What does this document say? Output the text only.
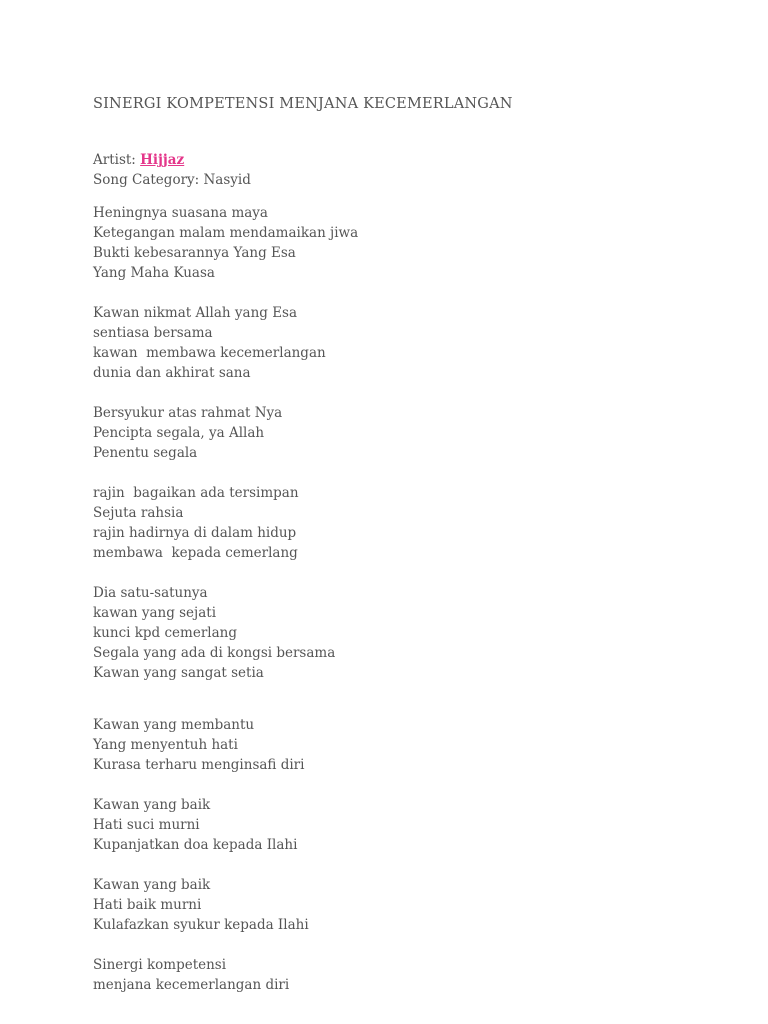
SINERGI KOMPETENSI MENJANA KECEMERLANGAN
Artist: Hijjaz
Song Category: Nasyid
Heningnya suasana maya
Ketegangan malam mendamaikan jiwa
Bukti kebesarannya Yang Esa
Yang Maha Kuasa
Kawan nikmat Allah yang Esa
sentiasa bersama
kawan  membawa kecemerlangan
dunia dan akhirat sana
Bersyukur atas rahmat Nya
Pencipta segala, ya Allah
Penentu segala
rajin  bagaikan ada tersimpan
Sejuta rahsia
rajin hadirnya di dalam hidup
membawa  kepada cemerlang
Dia satu-satunya
kawan yang sejati
kunci kpd cemerlang
Segala yang ada di kongsi bersama
Kawan yang sangat setia
Kawan yang membantu
Yang menyentuh hati
Kurasa terharu menginsafi diri
Kawan yang baik
Hati suci murni
Kupanjatkan doa kepada Ilahi
Kawan yang baik
Hati baik murni
Kulafazkan syukur kepada Ilahi
Sinergi kompetensi
menjana kecemerlangan diri
